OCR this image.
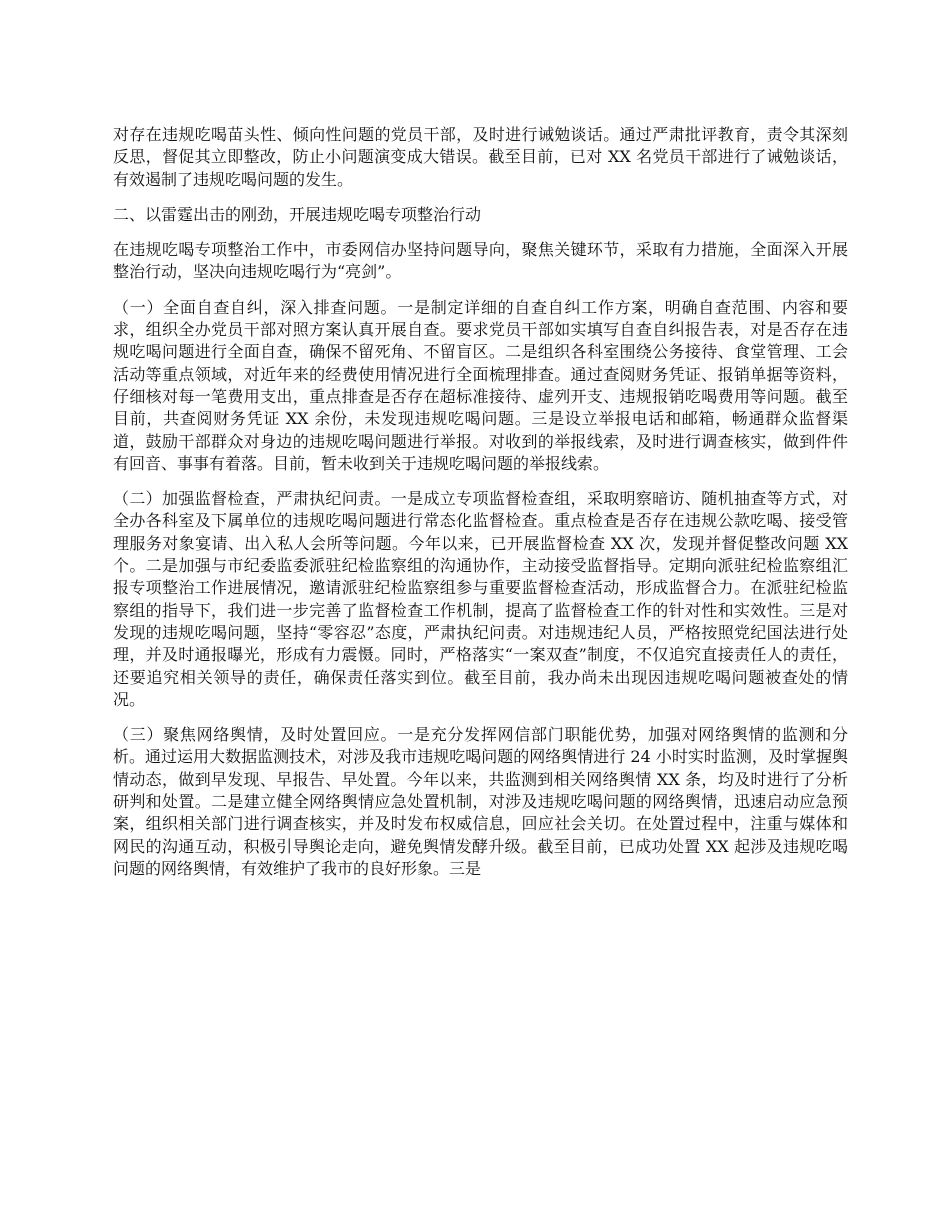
对存在违规吃喝苗头性、倾向性问题的党员干部，及时进行诫勉谈话。通过严肃批评教育，责令其深刻反思，督促其立即整改，防止小问题演变成大错误。截至目前，已对 XX 名党员干部进行了诫勉谈话，有效遏制了违规吃喝问题的发生。

二、以雷霆出击的刚劲，开展违规吃喝专项整治行动

在违规吃喝专项整治工作中，市委网信办坚持问题导向，聚焦关键环节，采取有力措施，全面深入开展整治行动，坚决向违规吃喝行为“亮剑”。

（一）全面自查自纠，深入排查问题。一是制定详细的自查自纠工作方案，明确自查范围、内容和要求，组织全办党员干部对照方案认真开展自查。要求党员干部如实填写自查自纠报告表，对是否存在违规吃喝问题进行全面自查，确保不留死角、不留盲区。二是组织各科室围绕公务接待、食堂管理、工会活动等重点领域，对近年来的经费使用情况进行全面梳理排查。通过查阅财务凭证、报销单据等资料，仔细核对每一笔费用支出，重点排查是否存在超标准接待、虚列开支、违规报销吃喝费用等问题。截至目前，共查阅财务凭证 XX 余份，未发现违规吃喝问题。三是设立举报电话和邮箱，畅通群众监督渠道，鼓励干部群众对身边的违规吃喝问题进行举报。对收到的举报线索，及时进行调查核实，做到件件有回音、事事有着落。目前，暂未收到关于违规吃喝问题的举报线索。

（二）加强监督检查，严肃执纪问责。一是成立专项监督检查组，采取明察暗访、随机抽查等方式，对全办各科室及下属单位的违规吃喝问题进行常态化监督检查。重点检查是否存在违规公款吃喝、接受管理服务对象宴请、出入私人会所等问题。今年以来，已开展监督检查 XX 次，发现并督促整改问题 XX 个。二是加强与市纪委监委派驻纪检监察组的沟通协作，主动接受监督指导。定期向派驻纪检监察组汇报专项整治工作进展情况，邀请派驻纪检监察组参与重要监督检查活动，形成监督合力。在派驻纪检监察组的指导下，我们进一步完善了监督检查工作机制，提高了监督检查工作的针对性和实效性。三是对发现的违规吃喝问题，坚持“零容忍”态度，严肃执纪问责。对违规违纪人员，严格按照党纪国法进行处理，并及时通报曝光，形成有力震慑。同时，严格落实“一案双查”制度，不仅追究直接责任人的责任，还要追究相关领导的责任，确保责任落实到位。截至目前，我办尚未出现因违规吃喝问题被查处的情况。

（三）聚焦网络舆情，及时处置回应。一是充分发挥网信部门职能优势，加强对网络舆情的监测和分析。通过运用大数据监测技术，对涉及我市违规吃喝问题的网络舆情进行 24 小时实时监测，及时掌握舆情动态，做到早发现、早报告、早处置。今年以来，共监测到相关网络舆情 XX 条，均及时进行了分析研判和处置。二是建立健全网络舆情应急处置机制，对涉及违规吃喝问题的网络舆情，迅速启动应急预案，组织相关部门进行调查核实，并及时发布权威信息，回应社会关切。在处置过程中，注重与媒体和网民的沟通互动，积极引导舆论走向，避免舆情发酵升级。截至目前，已成功处置 XX 起涉及违规吃喝问题的网络舆情，有效维护了我市的良好形象。三是
